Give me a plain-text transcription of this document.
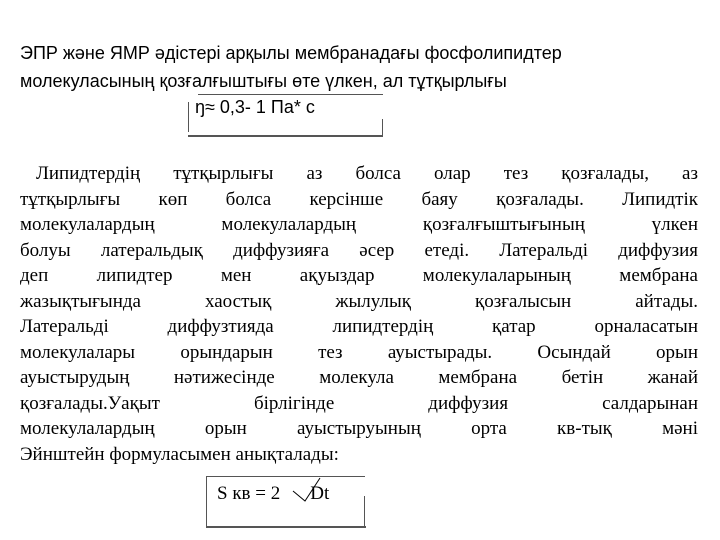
ЭПР және ЯМР әдістері арқылы мембранадағы фосфолипидтер
молекуласының қозғалғыштығы өте үлкен, ал тұтқырлығы
ŋ≈ 0,3- 1 Па* с
Липидтердің тұтқырлығы аз болса олар тез қозғалады, аз
тұтқырлығы көп болса керсінше баяу қозғалады. Липидтік
молекулалардың молекулалардың қозғалғыштығының үлкен
болуы латеральдық диффузияға әсер етеді. Латеральді диффузия
деп липидтер мен ақуыздар молекулаларының мембрана
жазықтығында хаостық жылулық қозғалысын айтады.
Латеральді диффузтияда липидтердің қатар орналасатын
молекулалары орындарын тез ауыстырады. Осындай орын
ауыстырудың нәтижесінде молекула мембрана бетін жанай
қозғалады.Уақыт бірлігінде диффузия салдарынан
молекулалардың орын ауыстыруының орта кв-тық мәні
Эйнштейн формуласымен анықталады:
S кв = 2 Dt
